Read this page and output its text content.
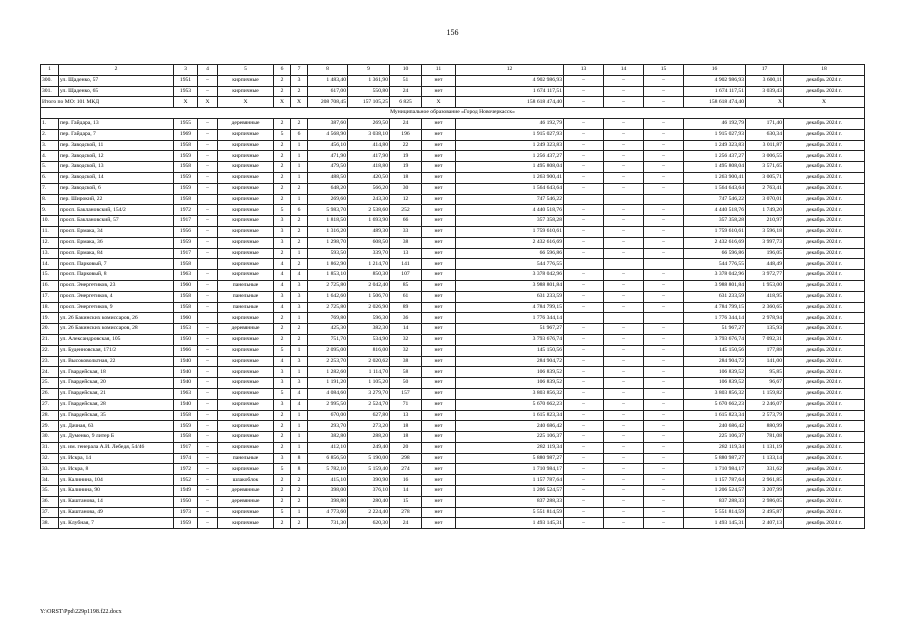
156
1	2	3	4	5	6	7	8	9	10	11	12	13	14	15	16	17	18
300.	ул. Щаденко, 57	1951	–	кирпичные	2	3	1 483,40	1 361,90	51	нет	4 902 986,93	–	–	–	4 902 986,93	3 600,11	декабрь 2024 г.
301.	ул. Щаденко, 65	1953	–	кирпичные	2	2	617,00	550,80	24	нет	1 674 117,51	–	–	–	1 674 117,51	3 039,43	декабрь 2024 г.
Итого по МО: 101 МКД		X	X	X	X	X	208 708,45	157 105,25	6 825	X	158 618 474,40	–	–	–	158 618 474,40	X	X
Муниципальное образование «Город Новочеркасск»																	
1.	пер. Гайдара, 13	1955	–	деревянные	2	2	387,60	269,50	24	нет	46 192,79	–	–	–	46 192,79	171,40	декабрь 2024 г.
2.	пер. Гайдара, 7	1969	–	кирпичные	5	6	4 568,90	3 038,10	196	нет	1 915 027,93	–	–	–	1 915 027,93	630,34	декабрь 2024 г.
3.	пер. Заводской, 11	1958	–	кирпичные	2	1	456,10	414,80	22	нет	1 249 323,83	–	–	–	1 249 323,83	3 011,87	декабрь 2024 г.
4.	пер. Заводской, 12	1959	–	кирпичные	2	1	471,90	417,90	19	нет	1 256 437,27	–	–	–	1 256 437,27	3 006,55	декабрь 2024 г.
5.	пер. Заводской, 13	1958	–	кирпичные	2	1	479,50	418,80	19	нет	1 495 808,04	–	–	–	1 495 808,04	3 571,65	декабрь 2024 г.
6.	пер. Заводской, 14	1959	–	кирпичные	2	1	488,50	420,50	18	нет	1 263 900,41	–	–	–	1 263 900,41	3 005,71	декабрь 2024 г.
7.	пер. Заводской, 6	1959	–	кирпичные	2	2	648,20	566,20	30	нет	1 564 643,64	–	–	–	1 564 643,64	2 763,41	декабрь 2024 г.
8.	пер. Широкий, 22	1958		кирпичные	2	1	269,60	243,30	12	нет	747 546,22				747 546,22	3 070,01	декабрь 2024 г.
9.	просп. Баклановский, 154/2	1972	–	кирпичные	5	6	5 983,70	2 538,60	252	нет	4 440 518,76	–	–	–	4 440 518,76	1 749,20	декабрь 2024 г.
10.	просп. Баклановский, 57	1917	–	кирпичные	3	2	1 818,50	1 693,90	66	нет	357 358,28	–	–	–	357 358,28	210,97	декабрь 2024 г.
11.	просп. Ермака, 34	1956	–	кирпичные	3	2	1 316,20	489,30	33	нет	1 759 610,61	–	–	–	1 759 610,61	3 596,18	декабрь 2024 г.
12.	просп. Ермака, 36	1959	–	кирпичные	3	2	1 298,70	608,50	38	нет	2 432 616,69	–	–	–	2 432 616,69	3 997,73	декабрь 2024 г.
13.	просп. Ермака, 84	1917	–	кирпичные	2	1	593,50	339,70	13	нет	66 596,86	–	–	–	66 596,86	196,05	декабрь 2024 г.
14.	просп. Парковый, 7	1958		кирпичные	4	2	1 862,90	1 214,70	141	нет	544 776,55				544 776,55	448,49	декабрь 2024 г.
15.	просп. Парковый, 8	1963	–	кирпичные	4	4	1 853,10	850,30	107	нет	3 378 042,96	–	–	–	3 378 042,96	3 972,77	декабрь 2024 г.
16.	просп. Энергетиков, 23	1960	–	панельные	4	3	2 725,80	2 042,40	85	нет	3 988 801,84	–	–	–	3 988 801,84	1 953,00	декабрь 2024 г.
17.	просп. Энергетиков, 4	1958	–	панельные	3	3	1 642,60	1 506,70	61	нет	631 233,59	–	–	–	631 233,59	418,95	декабрь 2024 г.
18.	просп. Энергетиков, 9	1958	–	панельные	4	3	2 725,80	2 026,90	89	нет	4 784 799,15	–	–	–	4 784 799,15	2 360,65	декабрь 2024 г.
19.	ул. 26 Бакинских комиссаров, 26	1960		кирпичные	2	1	769,80	596,30	36	нет	1 776 344,14				1 776 344,14	2 978,94	декабрь 2024 г.
20.	ул. 26 Бакинских комиссаров, 28	1953	–	деревянные	2	2	425,30	382,30	14	нет	51 967,27	–	–	–	51 967,27	135,93	декабрь 2024 г.
21.	ул. Александровская, 105	1950	–	кирпичные	2	2	751,70	534,90	32	нет	3 793 676,74	–	–	–	3 793 676,74	7 092,31	декабрь 2024 г.
22.	ул. Буденновская, 171/2	1966	–	кирпичные	5	1	2 095,00	816,00	32	нет	145 150,56	–	–	–	145 150,56	177,88	декабрь 2024 г.
23.	ул. Высоковольтная, 22	1940	–	кирпичные	4	3	2 253,70	2 020,62	38	нет	284 904,72	–	–	–	284 904,72	141,00	декабрь 2024 г.
24.	ул. Гвардейская, 18	1940	–	кирпичные	3	1	1 282,60	1 114,70	58	нет	106 839,52	–	–	–	106 839,52	95,85	декабрь 2024 г.
25.	ул. Гвардейская, 20	1940	–	кирпичные	3	3	1 191,20	1 105,20	50	нет	106 839,52	–	–	–	106 839,52	96,67	декабрь 2024 г.
26.	ул. Гвардейская, 21	1963	–	кирпичные	5	4	4 084,60	3 279,70	157	нет	3 803 856,32	–	–	–	3 803 856,32	1 159,82	декабрь 2024 г.
27.	ул. Гвардейская, 28	1940	–	кирпичные	3	4	2 995,50	2 524,70	71	нет	5 670 662,23	–	–	–	5 670 662,23	2 246,07	декабрь 2024 г.
28.	ул. Гвардейская, 35	1958	–	кирпичные	2	1	670,00	627,80	13	нет	1 615 823,34	–	–	–	1 615 823,34	2 573,79	декабрь 2024 г.
29.	ул. Дачная, 63	1959	–	кирпичные	2	1	293,70	273,20	18	нет	240 686,42	–	–	–	240 686,42	880,99	декабрь 2024 г.
30.	ул. Думенко, 9 литер Б	1958	–	кирпичные	2	1	382,80	288,20	18	нет	225 106,37	–	–	–	225 106,37	781,08	декабрь 2024 г.
31.	ул. им. генерала А.И. Лебедя, 54/46	1917	–	кирпичные	2	1	412,10	249,40	20	нет	282 119,34	–	–	–	282 119,34	1 131,19	декабрь 2024 г.
32.	ул. Искра, 14	1974	–	панельные	3	8	6 856,50	5 190,00	298	нет	5 880 987,27	–	–	–	5 880 987,27	1 133,14	декабрь 2024 г.
33.	ул. Искра, 8	1972	–	кирпичные	5	8	5 782,10	5 159,40	274	нет	1 710 984,17	–	–	–	1 710 984,17	331,62	декабрь 2024 г.
34.	ул. Калинина, 104	1952	–	шлакоблок	2	2	415,10	390,90	16	нет	1 157 787,64	–	–	–	1 157 787,64	2 961,85	декабрь 2024 г.
35.	ул. Калинина, 90	1949	–	деревянные	2	2	398,00	376,10	14	нет	1 206 524,57	–	–	–	1 206 524,57	3 207,99	декабрь 2024 г.
36.	ул. Каштанова, 14	1950	–	деревянные	2	2	398,80	280,40	15	нет	837 288,33	–	–	–	837 288,33	2 986,05	декабрь 2024 г.
37.	ул. Каштанова, 49	1973	–	кирпичные	5	1	4 773,60	2 224,40	278	нет	5 551 814,59	–	–	–	5 551 814,59	2 495,87	декабрь 2024 г.
38.	ул. Клубная, 7	1959	–	кирпичные	2	2	731,30	620,30	24	нет	1 493 145,31	–	–	–	1 493 145,31	2 407,13	декабрь 2024 г.
Y:\ORST\Ppd\229p1198.f22.docx
